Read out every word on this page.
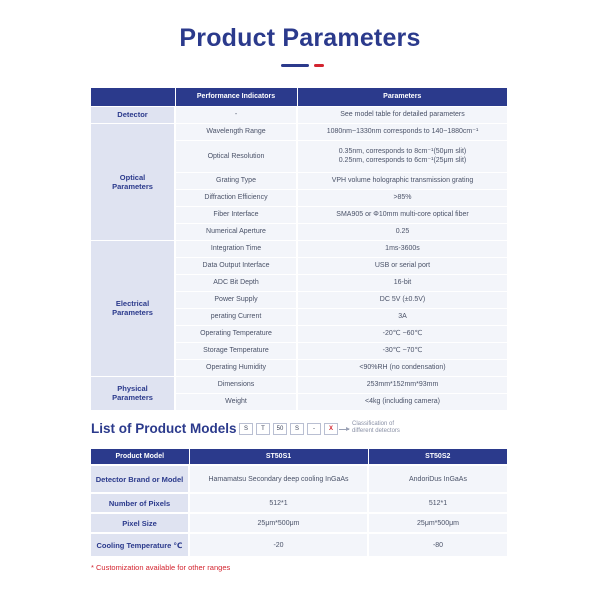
Product Parameters
	Performance Indicators	Parameters
Detector	-	See model table for detailed parameters
Optical
Parameters	Wavelength Range	1080nm~1330nm corresponds to 140~1880cm⁻¹
	Optical Resolution	0.35nm, corresponds to 8cm⁻¹(50μm slit)
0.25nm, corresponds to 6cm⁻¹(25μm slit)
	Grating Type	VPH volume holographic transmission grating
	Diffraction Efficiency	>85%
	Fiber Interface	SMA905 or Φ10mm multi-core optical fiber
	Numerical Aperture	0.25
Electrical
Parameters	Integration Time	1ms-3600s
	Data Output Interface	USB or serial port
	ADC Bit Depth	16-bit
	Power Supply	DC 5V (±0.5V)
	perating Current	3A
	Operating Temperature	-20℃ ~60℃
	Storage Temperature	-30℃ ~70℃
	Operating Humidity	<90%RH (no condensation)
Physical
Parameters	Dimensions	253mm*152mm*93mm
	Weight	<4kg (including camera)
List of Product Models	S	T	50	S	-	X
Classification of
different detectors
Product Model	ST50S1	ST50S2
Detector Brand or Model	Hamamatsu Secondary deep cooling InGaAs	AndoriDus InGaAs
Number of Pixels	512*1	512*1
Pixel Size	25μm*500μm	25μm*500μm
Cooling Temperature ℃	-20	-80
* Customization available for other ranges
